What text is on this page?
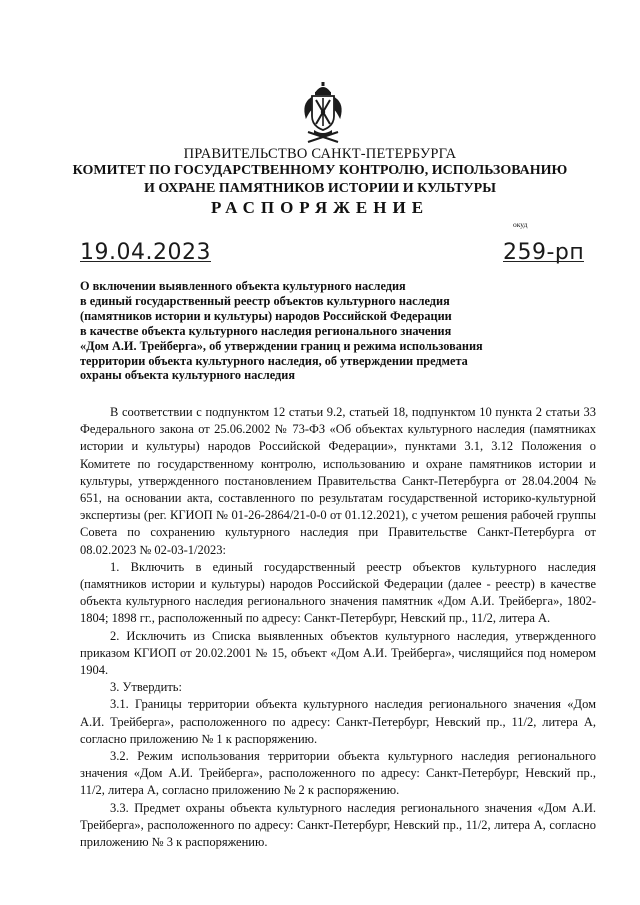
ПРАВИТЕЛЬСТВО САНКТ-ПЕТЕРБУРГА
КОМИТЕТ ПО ГОСУДАРСТВЕННОМУ КОНТРОЛЮ, ИСПОЛЬЗОВАНИЮ
И ОХРАНЕ ПАМЯТНИКОВ ИСТОРИИ И КУЛЬТУРЫ
РАСПОРЯЖЕНИЕ
окуд
19.04.2023	259-рп
О включении выявленного объекта культурного наследия
в единый государственный реестр объектов культурного наследия
(памятников истории и культуры) народов Российской Федерации
в качестве объекта культурного наследия регионального значения
«Дом А.И. Трейберга», об утверждении границ и режима использования
территории объекта культурного наследия, об утверждении предмета
охраны объекта культурного наследия

В соответствии с подпунктом 12 статьи 9.2, статьей 18, подпунктом 10 пункта 2 статьи 33 Федерального закона от 25.06.2002 № 73-ФЗ «Об объектах культурного наследия (памятниках истории и культуры) народов Российской Федерации», пунктами 3.1, 3.12 Положения о Комитете по государственному контролю, использованию и охране памятников истории и культуры, утвержденного постановлением Правительства Санкт-Петербурга от 28.04.2004 № 651, на основании акта, составленного по результатам государственной историко-культурной экспертизы (рег. КГИОП № 01-26-2864/21-0-0 от 01.12.2021), с учетом решения рабочей группы Совета по сохранению культурного наследия при Правительстве Санкт-Петербурга от 08.02.2023 № 02-03-1/2023:

1. Включить в единый государственный реестр объектов культурного наследия (памятников истории и культуры) народов Российской Федерации (далее - реестр) в качестве объекта культурного наследия регионального значения памятник «Дом А.И. Трейберга», 1802-1804; 1898 гг., расположенный по адресу: Санкт-Петербург, Невский пр., 11/2, литера А.

2. Исключить из Списка выявленных объектов культурного наследия, утвержденного приказом КГИОП от 20.02.2001 № 15, объект «Дом А.И. Трейберга», числящийся под номером 1904.

3. Утвердить:

3.1. Границы территории объекта культурного наследия регионального значения «Дом А.И. Трейберга», расположенного по адресу: Санкт-Петербург, Невский пр., 11/2, литера А, согласно приложению № 1 к распоряжению.

3.2. Режим использования территории объекта культурного наследия регионального значения «Дом А.И. Трейберга», расположенного по адресу: Санкт-Петербург, Невский пр., 11/2, литера А, согласно приложению № 2 к распоряжению.

3.3. Предмет охраны объекта культурного наследия регионального значения «Дом А.И. Трейберга», расположенного по адресу: Санкт-Петербург, Невский пр., 11/2, литера А, согласно приложению № 3 к распоряжению.
